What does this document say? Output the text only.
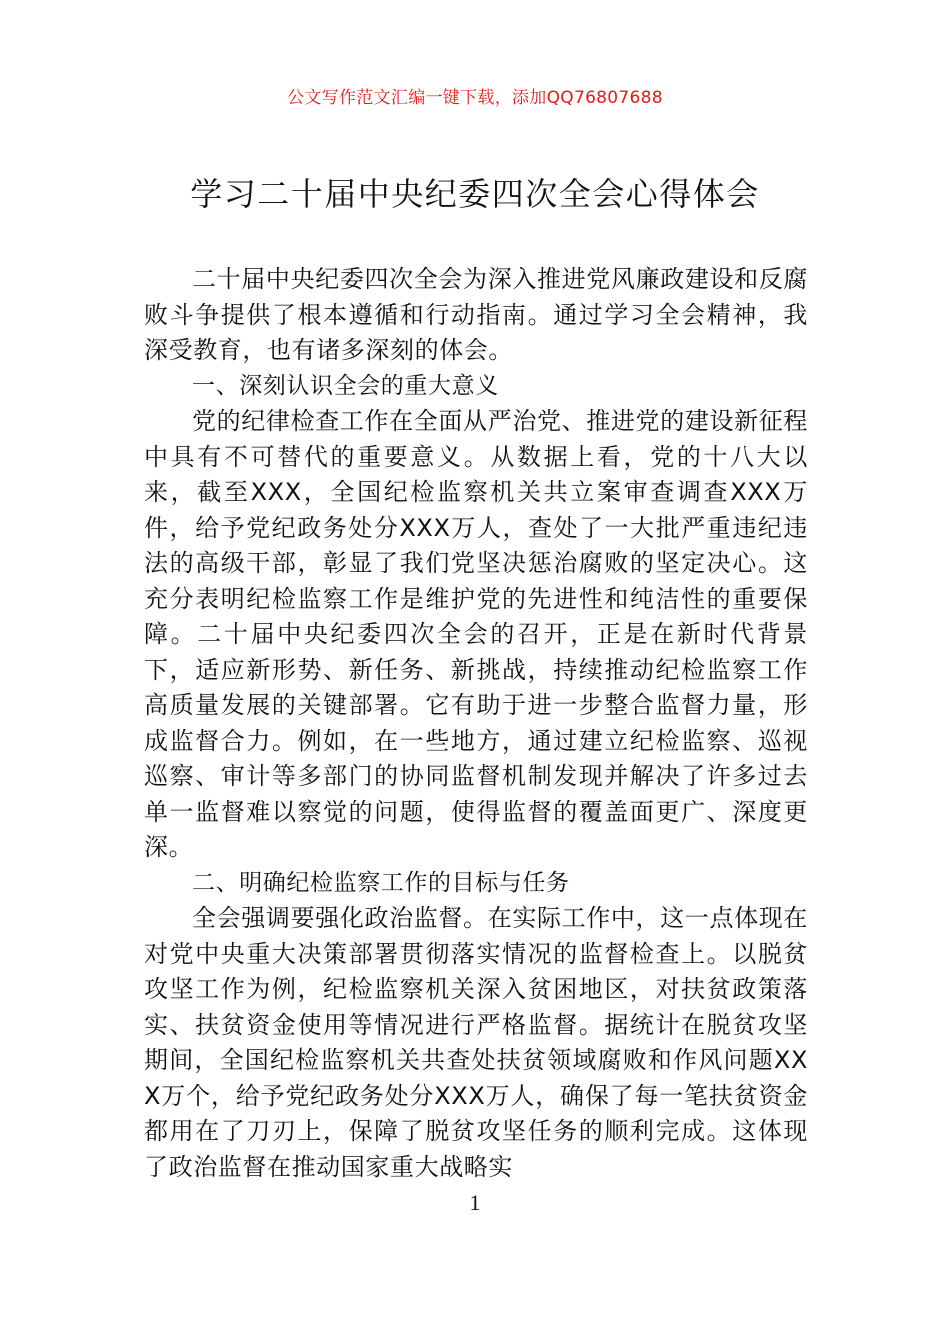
公文写作范文汇编一键下载，添加QQ76807688
学习二十届中央纪委四次全会心得体会

二十届中央纪委四次全会为深入推进党风廉政建设和反腐败斗争提供了根本遵循和行动指南。通过学习全会精神，我深受教育，也有诸多深刻的体会。

一、深刻认识全会的重大意义

党的纪律检查工作在全面从严治党、推进党的建设新征程中具有不可替代的重要意义。从数据上看，党的十八大以来，截至XXX，全国纪检监察机关共立案审查调查XXX万件，给予党纪政务处分XXX万人，查处了一大批严重违纪违法的高级干部，彰显了我们党坚决惩治腐败的坚定决心。这充分表明纪检监察工作是维护党的先进性和纯洁性的重要保障。二十届中央纪委四次全会的召开，正是在新时代背景下，适应新形势、新任务、新挑战，持续推动纪检监察工作高质量发展的关键部署。它有助于进一步整合监督力量，形成监督合力。例如，在一些地方，通过建立纪检监察、巡视巡察、审计等多部门的协同监督机制发现并解决了许多过去单一监督难以察觉的问题，使得监督的覆盖面更广、深度更深。

二、明确纪检监察工作的目标与任务

全会强调要强化政治监督。在实际工作中，这一点体现在对党中央重大决策部署贯彻落实情况的监督检查上。以脱贫攻坚工作为例，纪检监察机关深入贫困地区，对扶贫政策落实、扶贫资金使用等情况进行严格监督。据统计在脱贫攻坚期间，全国纪检监察机关共查处扶贫领域腐败和作风问题XXX万个，给予党纪政务处分XXX万人，确保了每一笔扶贫资金都用在了刀刃上，保障了脱贫攻坚任务的顺利完成。这体现了政治监督在推动国家重大战略实

1
